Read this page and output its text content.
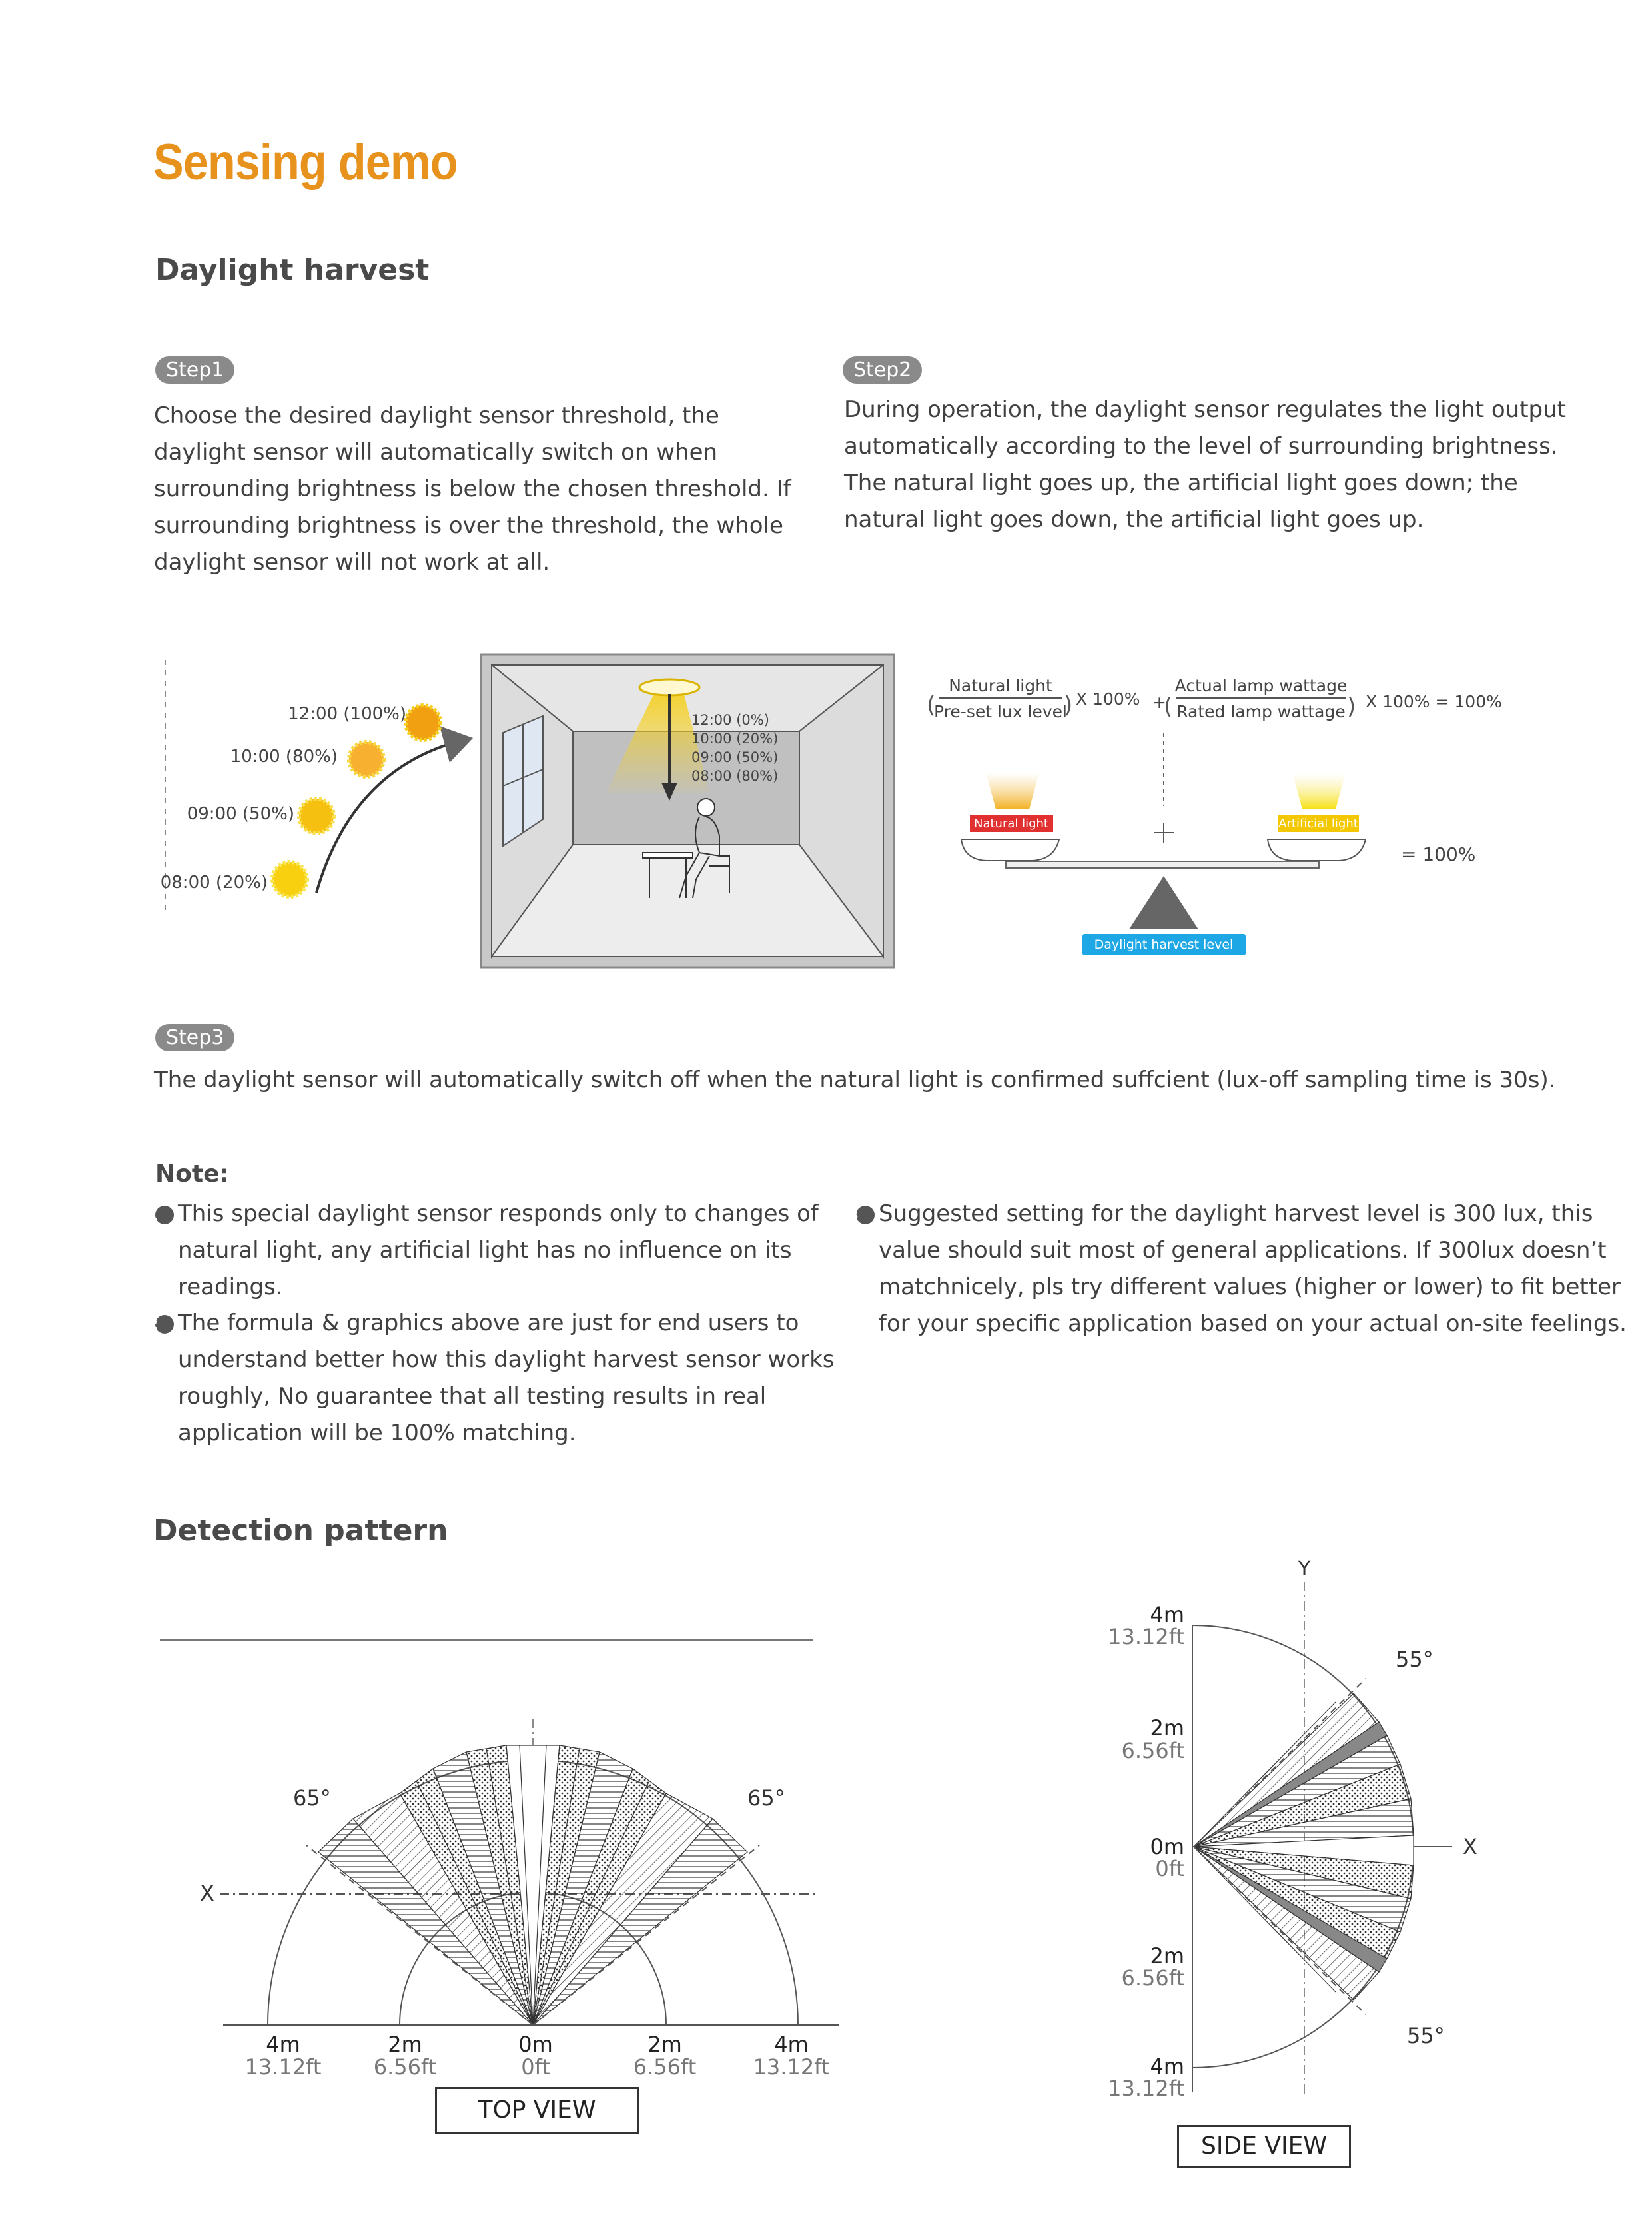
Sensing demo
Daylight harvest
Step1
Choose the desired daylight sensor threshold, the daylight sensor will automatically switch on when surrounding brightness is below the chosen threshold. If surrounding brightness is over the threshold, the whole daylight sensor will not work at all.
Step2
During operation, the daylight sensor regulates the light output automatically according to the level of surrounding brightness. The natural light goes up, the artificial light goes down; the natural light goes down, the artificial light goes up.
12:00 (100%)
10:00 (80%)
09:00 (50%)
08:00 (20%)
12:00 (0%)
10:00 (20%)
09:00 (50%)
08:00 (80%)
(	)
Natural light
Pre-set lux level
X 100% +
(	)
Actual lamp wattage
Rated lamp wattage
X 100% = 100%
Natural light	Artificial light
Daylight harvest level
= 100%
Step3
The daylight sensor will automatically switch off when the natural light is confirmed suffcient (lux-off sampling time is 30s).
Note:
1 This special daylight sensor responds only to changes of natural light, any artificial light has no influence on its readings.
2 The formula & graphics above are just for end users to understand better how this daylight harvest sensor works roughly, No guarantee that all testing results in real application will be 100% matching.
3 Suggested setting for the daylight harvest level is 300 lux, this value should suit most of general applications. If 300lux doesn’t matchnicely, pls try different values (higher or lower) to fit better for your specific application based on your actual on-site feelings.
Detection pattern
X
65°	65°
4m
13.12ft
2m
6.56ft
0m
0ft
2m
6.56ft
4m
13.12ft
TOP VIEW
Y
X
55°
55°
4m
13.12ft
2m
6.56ft
0m
0ft
2m
6.56ft
4m
13.12ft
SIDE VIEW
